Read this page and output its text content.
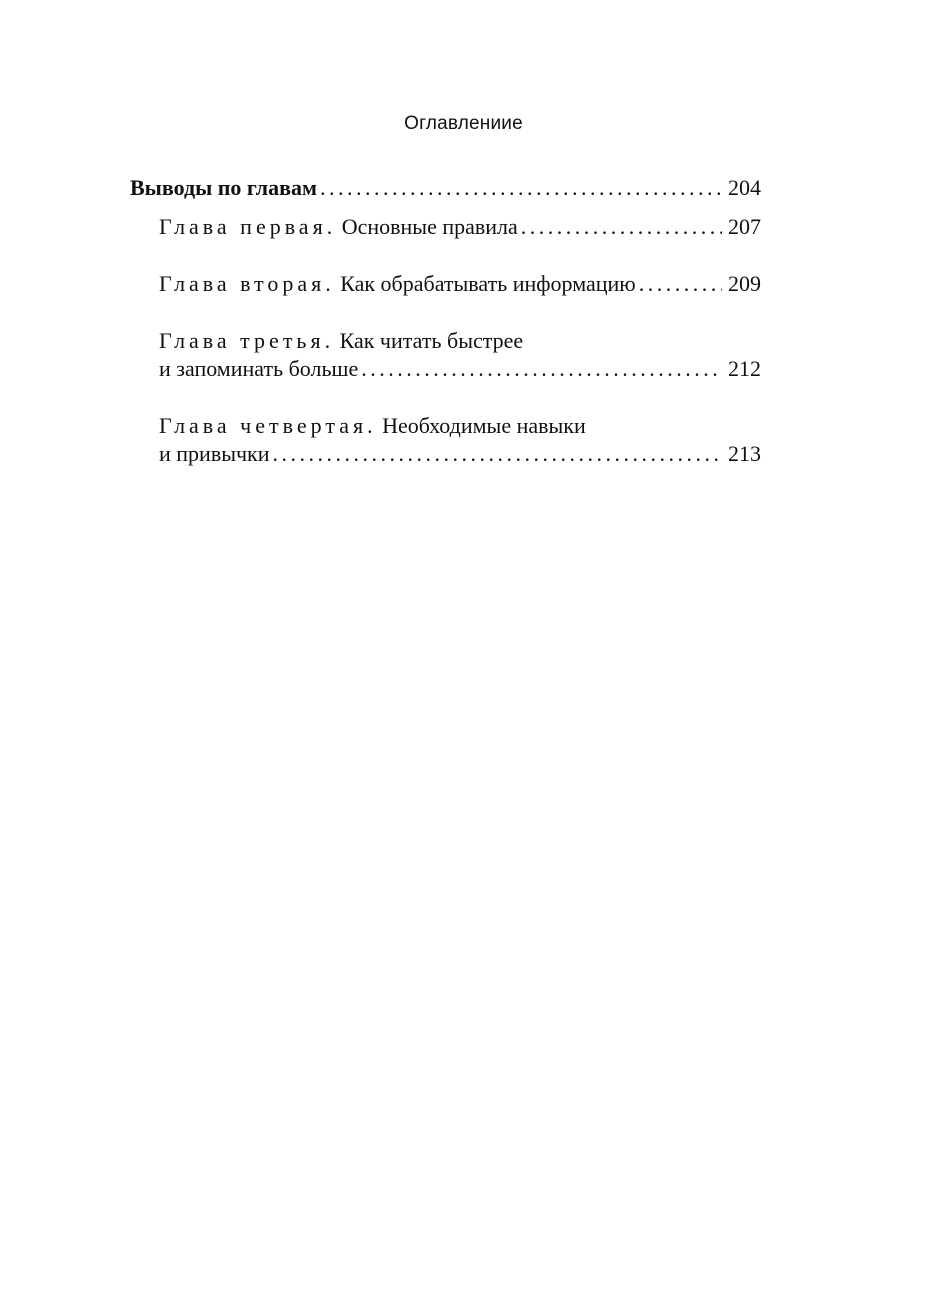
Оглавлениие
Выводы по главам . . .	204
Глава первая. Основные правила . . .	207
Глава вторая. Как обрабатывать информацию . . .	209
Глава третья. Как читать быстрее
и запоминать больше . . .	212
Глава четвертая. Необходимые навыки
и привычки . . .	213
